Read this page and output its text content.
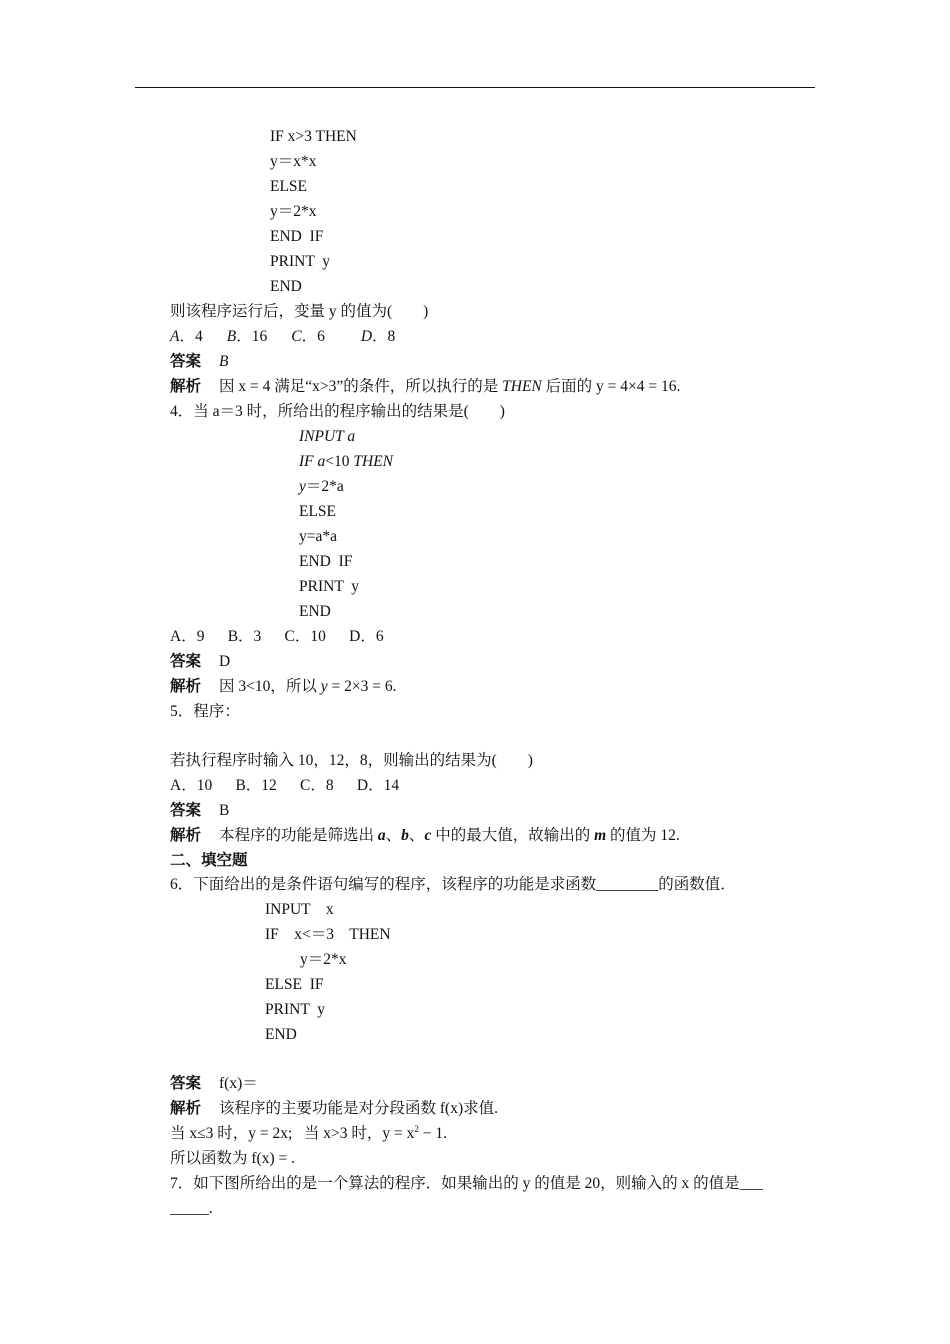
IF x>3 THEN
y＝x*x
ELSE
y＝2*x
END  IF
PRINT  y
END
则该程序运行后，变量 y 的值为(        )
A．4 B．16 C．6 D．8
答案 B
解析 因 x = 4 满足“x>3”的条件，所以执行的是 THEN 后面的 y = 4×4 = 16.
4．当 a＝3 时，所给出的程序输出的结果是(        )
INPUT a
IF a<10 THEN
y＝2*a
ELSE
y=a*a
END  IF
PRINT  y
END
A．9      B．3      C．10      D．6
答案 D
解析 因 3<10，所以 y = 2×3 = 6.
5．程序：
若执行程序时输入 10，12，8，则输出的结果为(        )
A．10      B．12      C．8      D．14
答案 B
解析 本程序的功能是筛选出 a、b、c 中的最大值，故输出的 m 的值为 12.
二、填空题
6．下面给出的是条件语句编写的程序，该程序的功能是求函数________的函数值．
INPUT    x
IF    x<＝3    THEN
y＝2*x
ELSE  IF
PRINT  y
END
答案 f(x)＝
解析 该程序的主要功能是对分段函数 f(x)求值.
当 x≤3 时，y = 2x;   当 x>3 时，$y = x^2 - 1$.
所以函数为 f(x) = .
7．如下图所给出的是一个算法的程序．如果输出的 y 的值是 20，则输入的 x 的值是___
_____.
